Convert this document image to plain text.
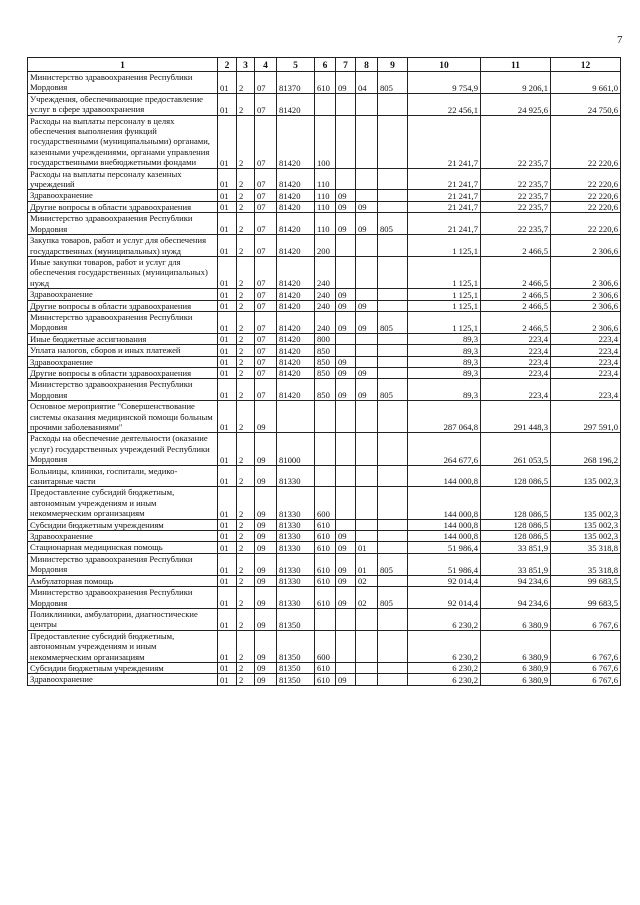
7
1	2	3	4	5	6	7	8	9	10	11	12
Министерство здравоохранения Республики Мордовия	01	2	07	81370	610	09	04	805	9 754,9	9 206,1	9 661,0
Учреждения, обеспечивающие предоставление услуг в сфере здравоохранения	01	2	07	81420					22 456,1	24 925,6	24 750,6
Расходы на выплаты персоналу в целях обеспечения выполнения функций государственными (муниципальными) органами, казенными учреждениями, органами управления государственными внебюджетными фондами	01	2	07	81420	100				21 241,7	22 235,7	22 220,6
Расходы на выплаты персоналу казенных учреждений	01	2	07	81420	110				21 241,7	22 235,7	22 220,6
Здравоохранение	01	2	07	81420	110	09			21 241,7	22 235,7	22 220,6
Другие вопросы в области здравоохранения	01	2	07	81420	110	09	09		21 241,7	22 235,7	22 220,6
Министерство здравоохранения Республики Мордовия	01	2	07	81420	110	09	09	805	21 241,7	22 235,7	22 220,6
Закупка товаров, работ и услуг для обеспечения государственных (муниципальных) нужд	01	2	07	81420	200				1 125,1	2 466,5	2 306,6
Иные закупки товаров, работ и услуг для обеспечения государственных (муниципальных) нужд	01	2	07	81420	240				1 125,1	2 466,5	2 306,6
Здравоохранение	01	2	07	81420	240	09			1 125,1	2 466,5	2 306,6
Другие вопросы в области здравоохранения	01	2	07	81420	240	09	09		1 125,1	2 466,5	2 306,6
Министерство здравоохранения Республики Мордовия	01	2	07	81420	240	09	09	805	1 125,1	2 466,5	2 306,6
Иные бюджетные ассигнования	01	2	07	81420	800				89,3	223,4	223,4
Уплата налогов, сборов и иных платежей	01	2	07	81420	850				89,3	223,4	223,4
Здравоохранение	01	2	07	81420	850	09			89,3	223,4	223,4
Другие вопросы в области здравоохранения	01	2	07	81420	850	09	09		89,3	223,4	223,4
Министерство здравоохранения Республики Мордовия	01	2	07	81420	850	09	09	805	89,3	223,4	223,4
Основное мероприятие "Совершенствование системы оказания медицинской помощи больным прочими заболеваниями"	01	2	09						287 064,8	291 448,3	297 591,0
Расходы на обеспечение деятельности (оказание услуг) государственных учреждений Республики Мордовия	01	2	09	81000					264 677,6	261 053,5	268 196,2
Больницы, клиники, госпитали, медико-санитарные части	01	2	09	81330					144 000,8	128 086,5	135 002,3
Предоставление субсидий бюджетным, автономным учреждениям и иным некоммерческим организациям	01	2	09	81330	600				144 000,8	128 086,5	135 002,3
Субсидии бюджетным учреждениям	01	2	09	81330	610				144 000,8	128 086,5	135 002,3
Здравоохранение	01	2	09	81330	610	09			144 000,8	128 086,5	135 002,3
Стационарная медицинская помощь	01	2	09	81330	610	09	01		51 986,4	33 851,9	35 318,8
Министерство здравоохранения Республики Мордовия	01	2	09	81330	610	09	01	805	51 986,4	33 851,9	35 318,8
Амбулаторная помощь	01	2	09	81330	610	09	02		92 014,4	94 234,6	99 683,5
Министерство здравоохранения Республики Мордовия	01	2	09	81330	610	09	02	805	92 014,4	94 234,6	99 683,5
Поликлиники, амбулатории, диагностические центры	01	2	09	81350					6 230,2	6 380,9	6 767,6
Предоставление субсидий бюджетным, автономным учреждениям и иным некоммерческим организациям	01	2	09	81350	600				6 230,2	6 380,9	6 767,6
Субсидии бюджетным учреждениям	01	2	09	81350	610				6 230,2	6 380,9	6 767,6
Здравоохранение	01	2	09	81350	610	09			6 230,2	6 380,9	6 767,6
